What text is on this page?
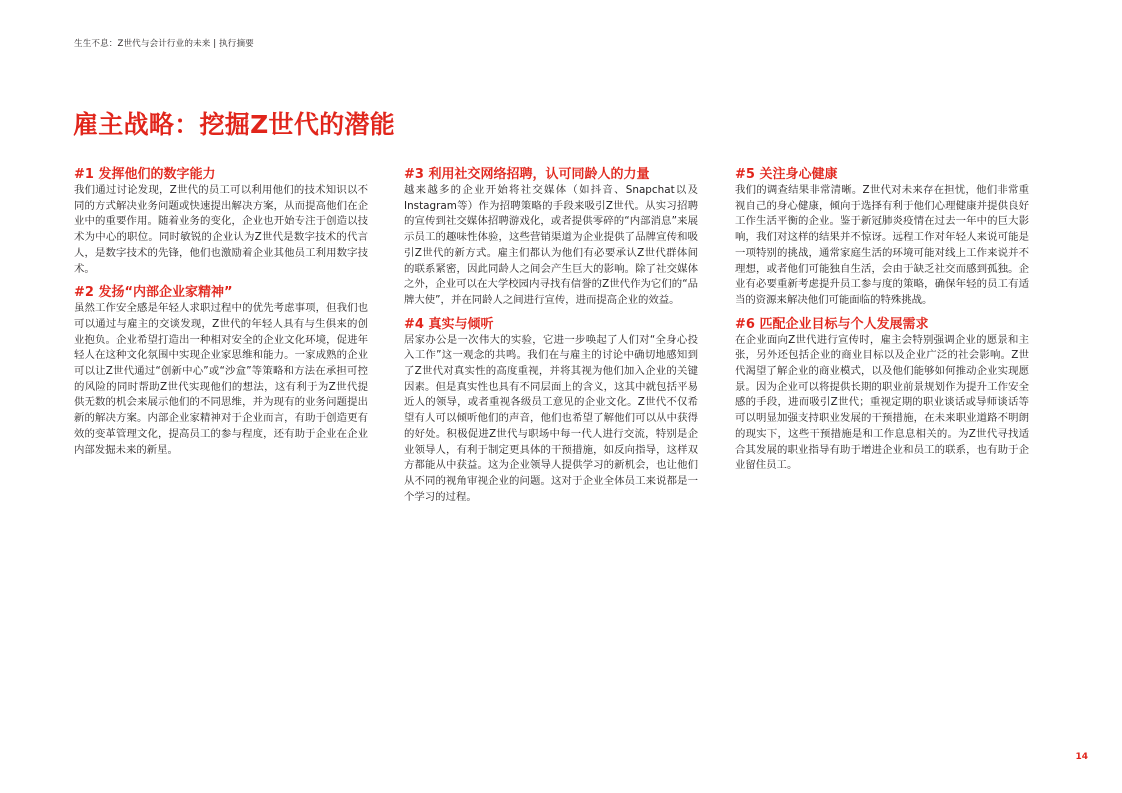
生生不息：Z世代与会计行业的未来 | 执行摘要
雇主战略：挖掘Z世代的潜能
#1 发挥他们的数字能力

我们通过讨论发现，Z世代的员工可以利用他们的技术知识以不同的方式解决业务问题或快速提出解决方案，从而提高他们在企业中的重要作用。随着业务的变化，企业也开始专注于创造以技术为中心的职位。同时敏锐的企业认为Z世代是数字技术的代言人，是数字技术的先锋，他们也激励着企业其他员工利用数字技术。

#2 发扬“内部企业家精神”

虽然工作安全感是年轻人求职过程中的优先考虑事项，但我们也可以通过与雇主的交谈发现，Z世代的年轻人具有与生俱来的创业抱负。企业希望打造出一种相对安全的企业文化环境，促进年轻人在这种文化氛围中实现企业家思维和能力。一家成熟的企业可以让Z世代通过“创新中心”或“沙盒”等策略和方法在承担可控的风险的同时帮助Z世代实现他们的想法，这有利于为Z世代提供无数的机会来展示他们的不同思维，并为现有的业务问题提出新的解决方案。内部企业家精神对于企业而言，有助于创造更有效的变革管理文化，提高员工的参与程度，还有助于企业在企业内部发掘未来的新星。

#3 利用社交网络招聘，认可同龄人的力量

越来越多的企业开始将社交媒体（如抖音、Snapchat以及Instagram等）作为招聘策略的手段来吸引Z世代。从实习招聘的宣传到社交媒体招聘游戏化，或者提供零碎的“内部消息”来展示员工的趣味性体验，这些营销渠道为企业提供了品牌宣传和吸引Z世代的新方式。雇主们都认为他们有必要承认Z世代群体间的联系紧密，因此同龄人之间会产生巨大的影响。除了社交媒体之外，企业可以在大学校园内寻找有信誉的Z世代作为它们的“品牌大使”，并在同龄人之间进行宣传，进而提高企业的效益。

#4 真实与倾听

居家办公是一次伟大的实验，它进一步唤起了人们对“全身心投入工作”这一观念的共鸣。我们在与雇主的讨论中确切地感知到了Z世代对真实性的高度重视，并将其视为他们加入企业的关键因素。但是真实性也具有不同层面上的含义，这其中就包括平易近人的领导，或者重视各级员工意见的企业文化。Z世代不仅希望有人可以倾听他们的声音，他们也希望了解他们可以从中获得的好处。积极促进Z世代与职场中每一代人进行交流，特别是企业领导人，有利于制定更具体的干预措施，如反向指导，这样双方都能从中获益。这为企业领导人提供学习的新机会，也让他们从不同的视角审视企业的问题。这对于企业全体员工来说都是一个学习的过程。

#5 关注身心健康

我们的调查结果非常清晰。Z世代对未来存在担忧，他们非常重视自己的身心健康，倾向于选择有利于他们心理健康并提供良好工作生活平衡的企业。鉴于新冠肺炎疫情在过去一年中的巨大影响，我们对这样的结果并不惊讶。远程工作对年轻人来说可能是一项特别的挑战，通常家庭生活的环境可能对线上工作来说并不理想，或者他们可能独自生活，会由于缺乏社交而感到孤独。企业有必要重新考虑提升员工参与度的策略，确保年轻的员工有适当的资源来解决他们可能面临的特殊挑战。

#6 匹配企业目标与个人发展需求

在企业面向Z世代进行宣传时，雇主会特别强调企业的愿景和主张，另外还包括企业的商业目标以及企业广泛的社会影响。Z世代渴望了解企业的商业模式，以及他们能够如何推动企业实现愿景。因为企业可以将提供长期的职业前景规划作为提升工作安全感的手段，进而吸引Z世代；重视定期的职业谈话或导师谈话等可以明显加强支持职业发展的干预措施，在未来职业道路不明朗的现实下，这些干预措施是和工作息息相关的。为Z世代寻找适合其发展的职业指导有助于增进企业和员工的联系，也有助于企业留住员工。

14
